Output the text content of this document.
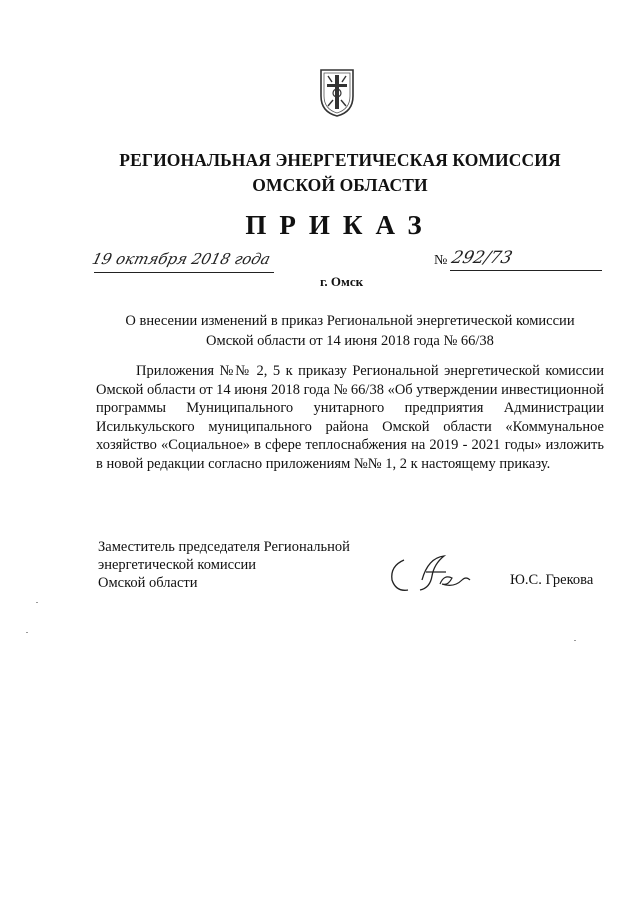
РЕГИОНАЛЬНАЯ ЭНЕРГЕТИЧЕСКАЯ КОМИССИЯ
ОМСКОЙ ОБЛАСТИ
ПРИКАЗ
19 октября 2018 года
г. Омск
№ 292/73
О внесении изменений в приказ Региональной энергетической комиссии
Омской области от 14 июня 2018 года № 66/38
Приложения №№ 2, 5 к приказу Региональной энергетической комиссии Омской области от 14 июня 2018 года № 66/38 «Об утверждении инвестиционной программы Муниципального унитарного предприятия Администрации Исилькульского муниципального района Омской области «Коммунальное хозяйство «Социальное» в сфере теплоснабжения на 2019 - 2021 годы» изложить в новой редакции согласно приложениям №№ 1, 2 к настоящему приказу.
Заместитель председателя Региональной
энергетической комиссии
Омской области	Ю.С. Грекова
